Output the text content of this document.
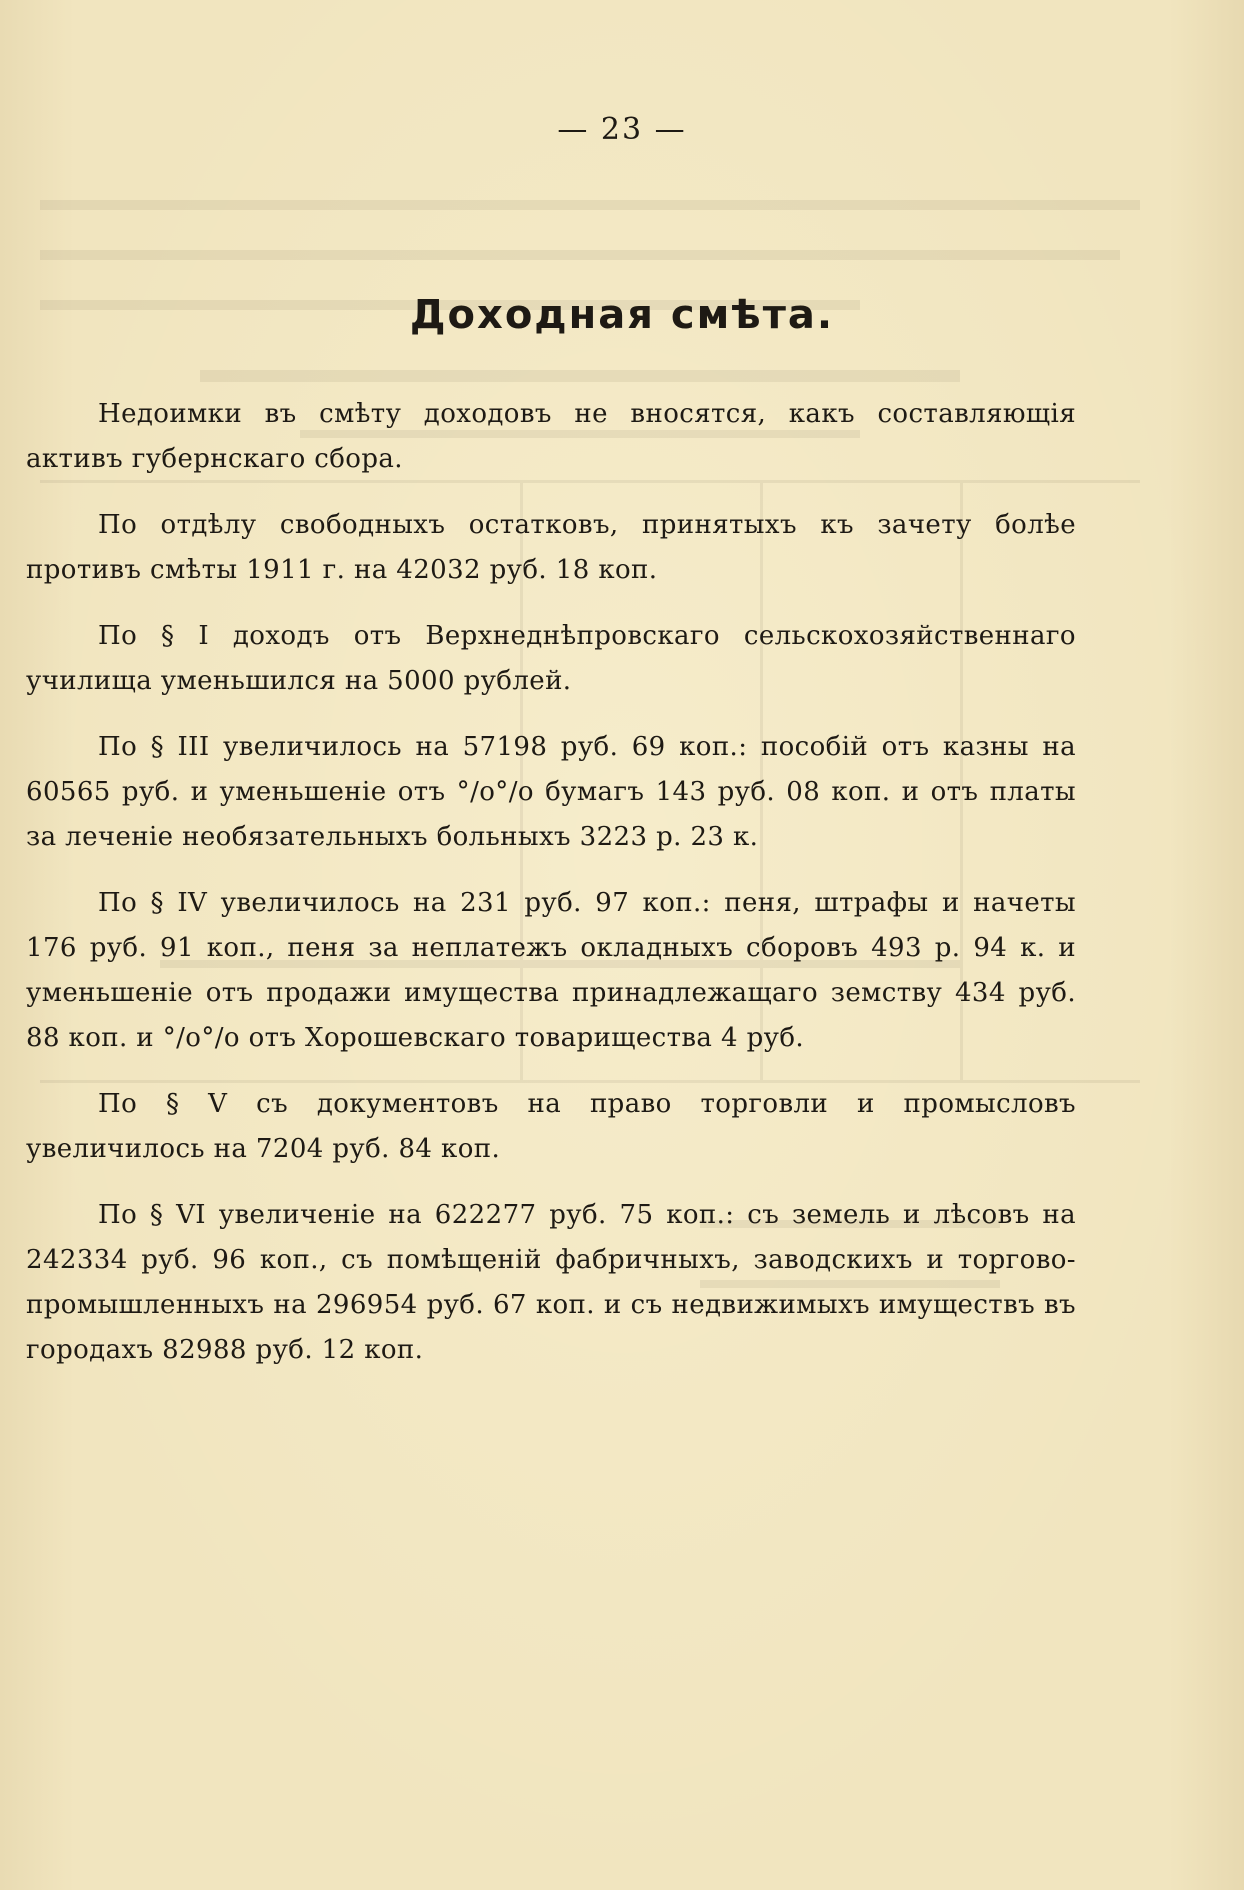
— 23 —
Доходная смѣта.

Недоимки въ смѣту доходовъ не вносятся, какъ составляющія активъ губернскаго сбора.

По отдѣлу свободныхъ остатковъ, принятыхъ къ зачету болѣе противъ смѣты 1911 г. на 42032 руб. 18 коп.

По § I доходъ отъ Верхнеднѣпровскаго сельскохозяйственнаго училища уменьшился на 5000 рублей.

По § III увеличилось на 57198 руб. 69 коп.: пособій отъ казны на 60565 руб. и уменьшеніе отъ °/о°/о бумагъ 143 руб. 08 коп. и отъ платы за леченіе необязательныхъ больныхъ 3223 р. 23 к.

По § IV увеличилось на 231 руб. 97 коп.: пеня, штрафы и начеты 176 руб. 91 коп., пеня за неплатежъ окладныхъ сборовъ 493 р. 94 к. и уменьшеніе отъ продажи имущества принадлежащаго земству 434 руб. 88 коп. и °/о°/о отъ Хорошевскаго товарищества 4 руб.

По § V съ документовъ на право торговли и промысловъ увеличилось на 7204 руб. 84 коп.

По § VI увеличеніе на 622277 руб. 75 коп.: съ земель и лѣсовъ на 242334 руб. 96 коп., съ помѣщеній фабричныхъ, заводскихъ и торгово-промышленныхъ на 296954 руб. 67 коп. и съ недвижимыхъ имуществъ въ городахъ 82988 руб. 12 коп.
